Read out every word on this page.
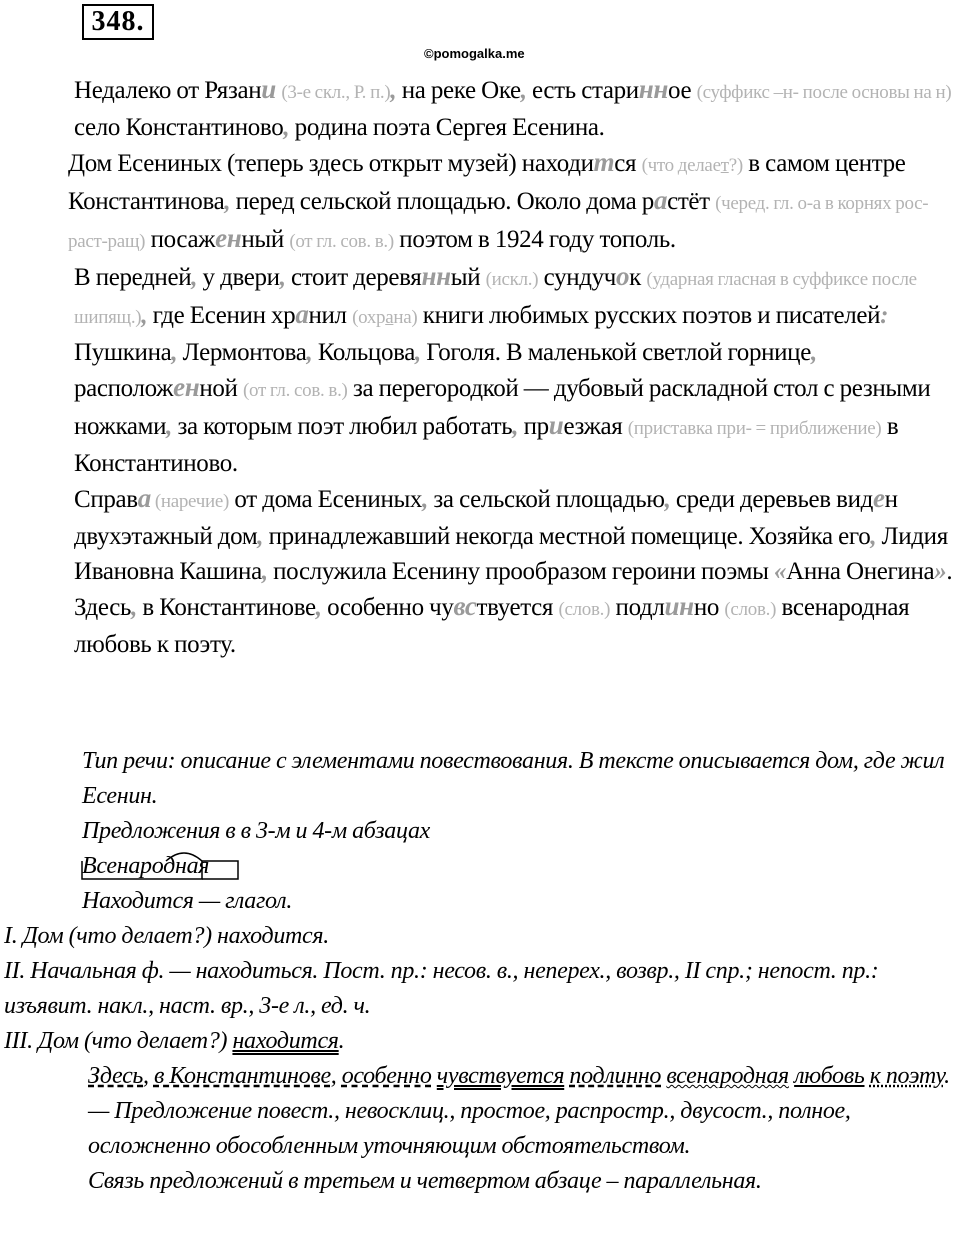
348.
©pomogalka.me

Недалеко от Рязани (3-е скл., Р. п.), на реке Оке, есть старинное (суффикс –н- после основы на н) село Константиново, родина поэта Сергея Есенина.

Дом Есениных (теперь здесь открыт музей) находится (что делает?) в самом центре Константинова, перед сельской площадью. Около дома растёт (черед. гл. о-а в корнях рос-раст-ращ) посаженный (от гл. сов. в.) поэтом в 1924 году тополь.

В передней, у двери, стоит деревянный (искл.) сундучок (ударная гласная в суффиксе после шипящ.), где Есенин хранил (охрана) книги любимых русских поэтов и писателей: Пушкина, Лермонтова, Кольцова, Гоголя. В маленькой светлой горнице, расположенной (от гл. сов. в.) за перегородкой — дубовый раскладной стол с резными ножками, за которым поэт любил работать, приезжая (приставка при- = приближение) в Константиново.

Справа (наречие) от дома Есениных, за сельской площадью, среди деревьев виден двухэтажный дом, принадлежавший некогда местной помещице. Хозяйка его, Лидия Ивановна Кашина, послужила Есенину прообразом героини поэмы «Анна Онегина».

Здесь, в Константинове, особенно чувствуется (слов.) подлинно (слов.) всенародная любовь к поэту.

Тип речи: описание с элементами повествования. В тексте описывается дом, где жил Есенин.

Предложения в в 3-м и 4-м абзацах

Всенародная

Находится — глагол.

I. Дом (что делает?) находится.

II. Начальная ф. — находиться. Пост. пр.: несов. в., неперех., возвр., II спр.; непост. пр.: изъявит. накл., наст. вр., 3-е л., ед. ч.

III. Дом (что делает?) находится.

Здесь, в Константинове, особенно чувствуется подлинно всенародная любовь к поэту. — Предложение повест., невосклиц., простое, распростр., двусост., полное, осложненно обособленным уточняющим обстоятельством.

Связь предложений в третьем и четвертом абзаце – параллельная.
